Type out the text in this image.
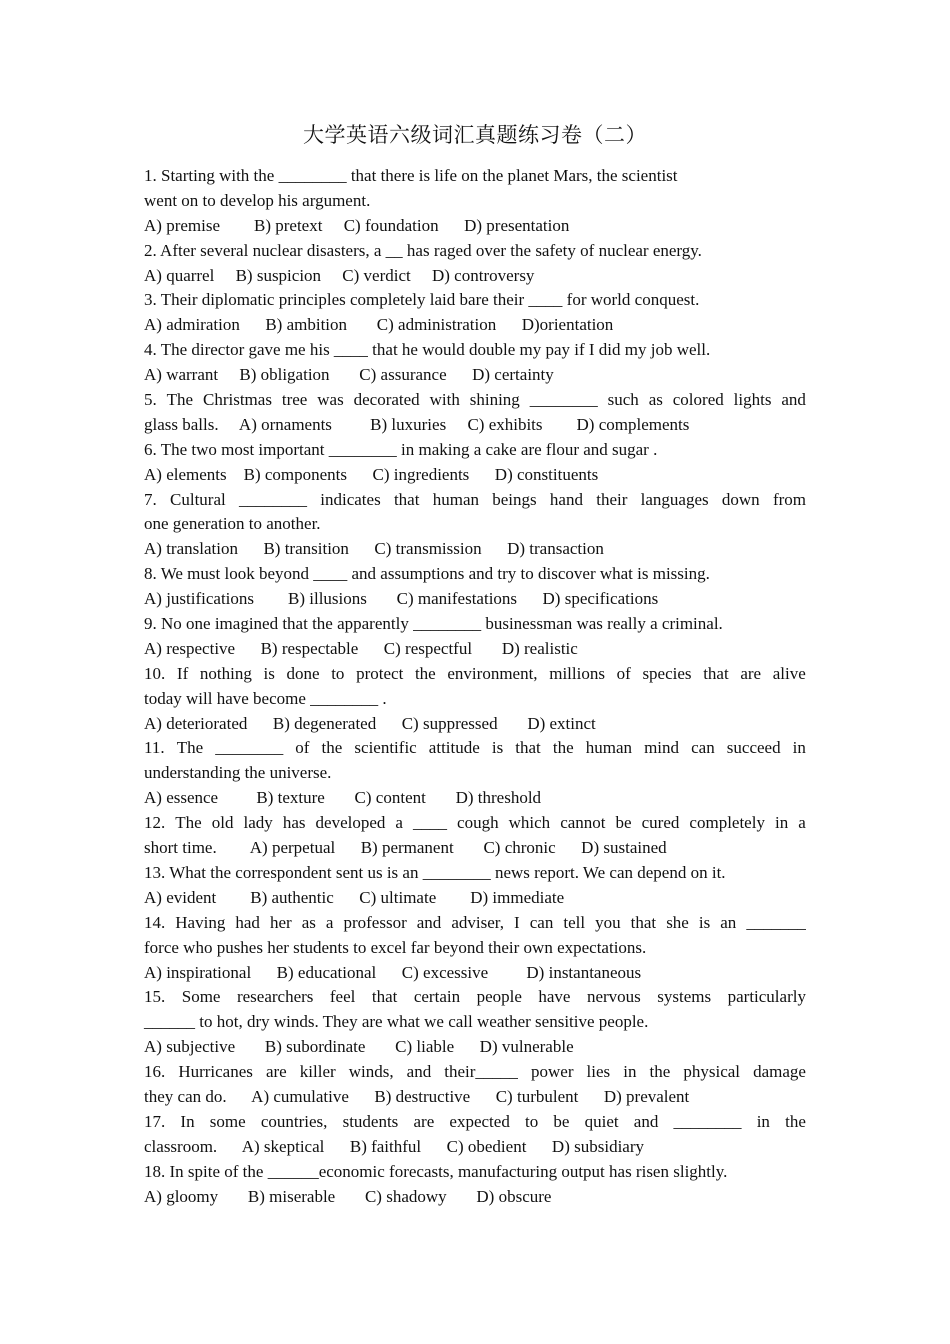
大学英语六级词汇真题练习卷（二）
1. Starting with the ________ that there is life on the planet Mars, the scientist
went on to develop his argument.
A) premise        B) pretext     C) foundation      D) presentation
2. After several nuclear disasters, a __ has raged over the safety of nuclear energy.
A) quarrel     B) suspicion     C) verdict     D) controversy
3. Their diplomatic principles completely laid bare their ____ for world conquest.
A) admiration      B) ambition       C) administration      D)orientation
4. The director gave me his ____ that he would double my pay if I did my job well.
A) warrant     B) obligation       C) assurance      D) certainty
5. The Christmas tree was decorated with shining ________ such as colored lights and
glass balls.     A) ornaments         B) luxuries     C) exhibits        D) complements
6. The two most important ________ in making a cake are flour and sugar .
A) elements    B) components      C) ingredients      D) constituents
7. Cultural ________ indicates that human beings hand their languages down from
one generation to another.
A) translation      B) transition      C) transmission      D) transaction
8. We must look beyond ____ and assumptions and try to discover what is missing.
A) justifications        B) illusions       C) manifestations      D) specifications
9. No one imagined that the apparently ________ businessman was really a criminal.
A) respective      B) respectable      C) respectful       D) realistic
10. If nothing is done to protect the environment, millions of species that are alive
today will have become ________ .
A) deteriorated      B) degenerated      C) suppressed       D) extinct
11. The ________ of the scientific attitude is that the human mind can succeed in
understanding the universe.
A) essence         B) texture       C) content       D) threshold
12. The old lady has developed a ____ cough which cannot be cured completely in a
short time.        A) perpetual      B) permanent       C) chronic      D) sustained
13. What the correspondent sent us is an ________ news report. We can depend on it.
A) evident        B) authentic      C) ultimate        D) immediate
14. Having had her as a professor and adviser, I can tell you that she is an _______
force who pushes her students to excel far beyond their own expectations.
A) inspirational      B) educational      C) excessive         D) instantaneous
15. Some researchers feel that certain people have nervous systems particularly
______ to hot, dry winds. They are what we call weather sensitive people.
A) subjective       B) subordinate       C) liable      D) vulnerable
16. Hurricanes are killer winds, and their_____ power lies in the physical damage
they can do.      A) cumulative      B) destructive      C) turbulent      D) prevalent
17. In some countries, students are expected to be quiet and ________ in the
classroom.      A) skeptical      B) faithful      C) obedient      D) subsidiary
18. In spite of the ______economic forecasts, manufacturing output has risen slightly.
A) gloomy       B) miserable       C) shadowy       D) obscure
